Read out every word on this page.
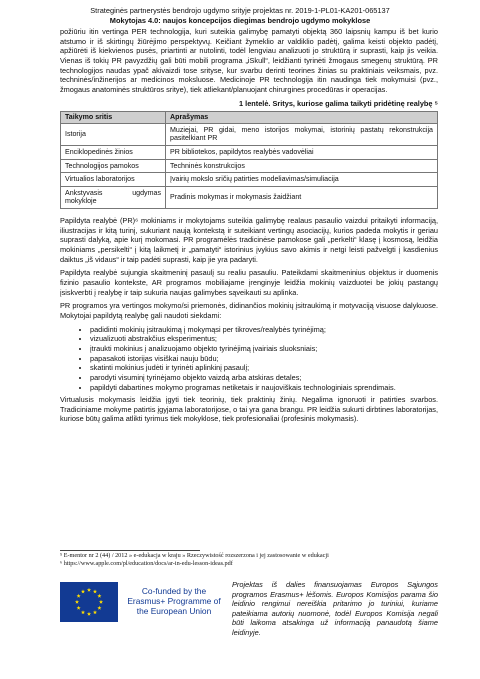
Strateginės partnerystės bendrojo ugdymo srityje projektas nr. 2019-1-PL01-KA201-065137
Mokytojas 4.0: naujos koncepcijos diegimas bendrojo ugdymo mokyklose

požiūriu itin vertinga PER technologija, kuri suteikia galimybę pamatyti objektą 360 laipsnių kampu iš bet kurio atstumo ir iš skirtingų žiūrėjimo perspektyvų. Keičiant žymeklio ar valdiklio padėtį, galima keisti objekto padėtį, apžiūrėti iš kiekvienos pusės, priartinti ar nutolinti, todėl lengviau analizuoti jo struktūrą ir suprasti, kaip jis veikia. Vienas iš tokių PR pavyzdžių gali būti mobili programa „iSkull“, leidžianti tyrinėti žmogaus smegenų struktūrą. PR technologijos naudas ypač akivaizdi tose srityse, kur svarbu derinti teorines žinias su praktiniais veiksmais, pvz. techninės/inžinerijos ar medicinos moksluose. Medicinoje PR technologija itin naudinga tiek mokymuisi (pvz., žmogaus anatominės struktūros sritye), tiek atliekant/planuojant chirurgines procedūras ir operacijas.

1 lentelė. Sritys, kuriose galima taikyti pridėtinę realybę ⁵
Taikymo sritis	Aprašymas
Istorija	Muziejai, PR gidai, meno istorijos mokymai, istorinių pastatų rekonstrukcija pasitelkiant PR
Enciklopedinės žinios	PR bibliotekos, papildytos realybės vadovėliai
Technologijos pamokos	Techninės konstrukcijos
Virtualios laboratorijos	Įvairių mokslo sričių patirties modeliavimas/simuliacija
Ankstyvasis ugdymas mokykloje	Pradinis mokymas ir mokymasis žaidžiant

Papildyta realybė (PR)⁶ mokiniams ir mokytojams suteikia galimybę realaus pasaulio vaizdui pritaikyti informaciją, iliustracijas ir kitą turinį, sukuriant naują kontekstą ir suteikiant vertingų asociacijų, kurios padeda mokytis ir geriau suprasti dalyką, apie kurį mokomasi. PR programėlės tradicinėse pamokose gali „perkelti“ klasę į kosmosą, leidžia mokiniams „persikelti“ į kitą laikmetį ir „pamatyti“ istorinius įvykius savo akimis ir netgi leisti pažvelgti į kasdienius daiktus „iš vidaus“ ir taip padėti suprasti, kaip jie yra padaryti.

Papildyta realybė sujungia skaitmeninį pasaulį su realiu pasauliu. Pateikdami skaitmeninius objektus ir duomenis fizinio pasaulio kontekste, AR programos mobiliajame įrenginyje leidžia mokinių vaizduotei be jokių pastangų įsiskverbti į realybę ir taip sukuria naujas galimybes sąveikauti su aplinka.

PR programos yra vertingos mokymo/si priemonės, didinančios mokinių įsitraukimą ir motyvaciją visuose dalykuose. Mokytojai papildytą realybę gali naudoti siekdami:

• padidinti mokinių įsitraukimą į mokymąsi per tikroves/realybės tyrinėjimą;
• vizualizuoti abstrakčius eksperimentus;
• įtraukti mokinius į analizuojamo objekto tyrinėjimą įvairiais sluoksniais;
• papasakoti istorijas visiškai nauju būdu;
• skatinti mokinius judėti ir tyrinėti aplinkinį pasaulį;
• parodyti visuminį tyrinėjamo objekto vaizdą arba atskiras detales;
• papildyti dabartines mokymo programas netiketais ir naujoviškais technologiniais sprendimais.

Virtualusis mokymasis leidžia įgyti tiek teorinių, tiek praktinių žinių. Negalima ignoruoti ir patirties svarbos. Tradiciniame mokyme patirtis įgyjama laboratorijose, o tai yra gana brangu. PR leidžia sukurti dirbtines laboratorijas, kuriose būtų galima atlikti tyrimus tiek mokyklose, tiek profesionaliai (profesinis mokymasis).

⁵ E-mentor nr 2 (44) / 2012 » e-edukacja w kraju » Rzeczywistość rozszerzona i jej zastosowanie w edukacji
⁶ https://www.apple.com/pl/education/docs/ar-in-edu-lesson-ideas.pdf
Co-funded by the Erasmus+ Programme of the European Union
Projektas iš dalies finansuojamas Europos Sąjungos programos Erasmus+ lėšomis. Europos Komisijos parama šio leidinio rengimui nereiškia pritarimo jo turiniui, kuriame pateikiama autorių nuomonė, todėl Europos Komisija negali būti laikoma atsakinga už informaciją panaudotą šiame leidinyje.
